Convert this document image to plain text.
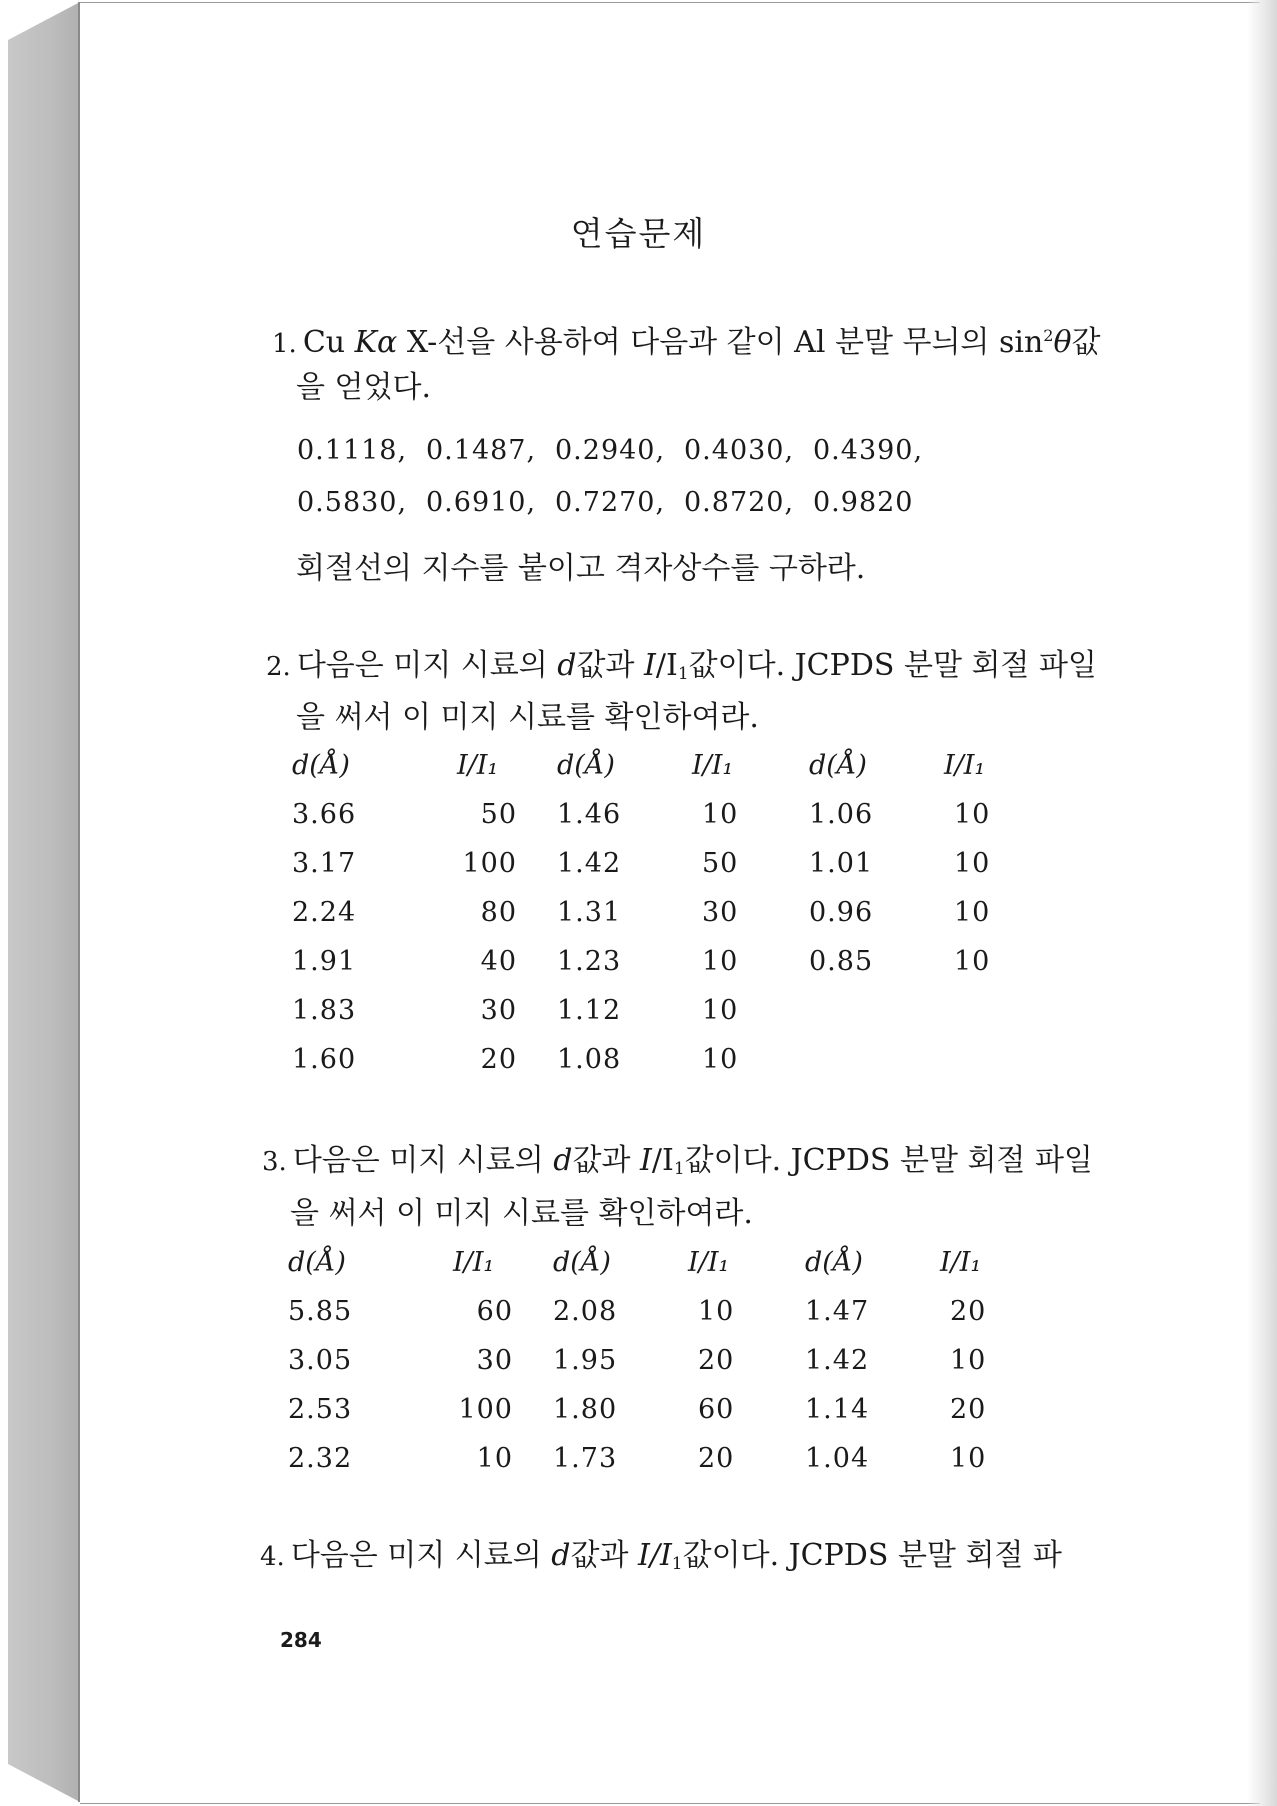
연습문제
1. Cu Kα X-선을 사용하여 다음과 같이 Al 분말 무늬의 $\sin^2\theta$값
을 얻었다.
0.1118, 0.1487, 0.2940, 0.4030, 0.4390,
0.5830, 0.6910, 0.7270, 0.8720, 0.9820
회절선의 지수를 붙이고 격자상수를 구하라.
2. 다음은 미지 시료의 d값과 $I/I_1$값이다. JCPDS 분말 회절 파일
을 써서 이 미지 시료를 확인하여라.
d(Å)	I/I₁	d(Å)	I/I₁	d(Å)	I/I₁
3.66	50	1.46	10	1.06	10
3.17	100	1.42	50	1.01	10
2.24	80	1.31	30	0.96	10
1.91	40	1.23	10	0.85	10
1.83	30	1.12	10		
1.60	20	1.08	10		
3. 다음은 미지 시료의 d값과 $I/I_1$값이다. JCPDS 분말 회절 파일
을 써서 이 미지 시료를 확인하여라.
d(Å)	I/I₁	d(Å)	I/I₁	d(Å)	I/I₁
5.85	60	2.08	10	1.47	20
3.05	30	1.95	20	1.42	10
2.53	100	1.80	60	1.14	20
2.32	10	1.73	20	1.04	10
4. 다음은 미지 시료의 d값과 $I/I_1$값이다. JCPDS 분말 회절 파
284
